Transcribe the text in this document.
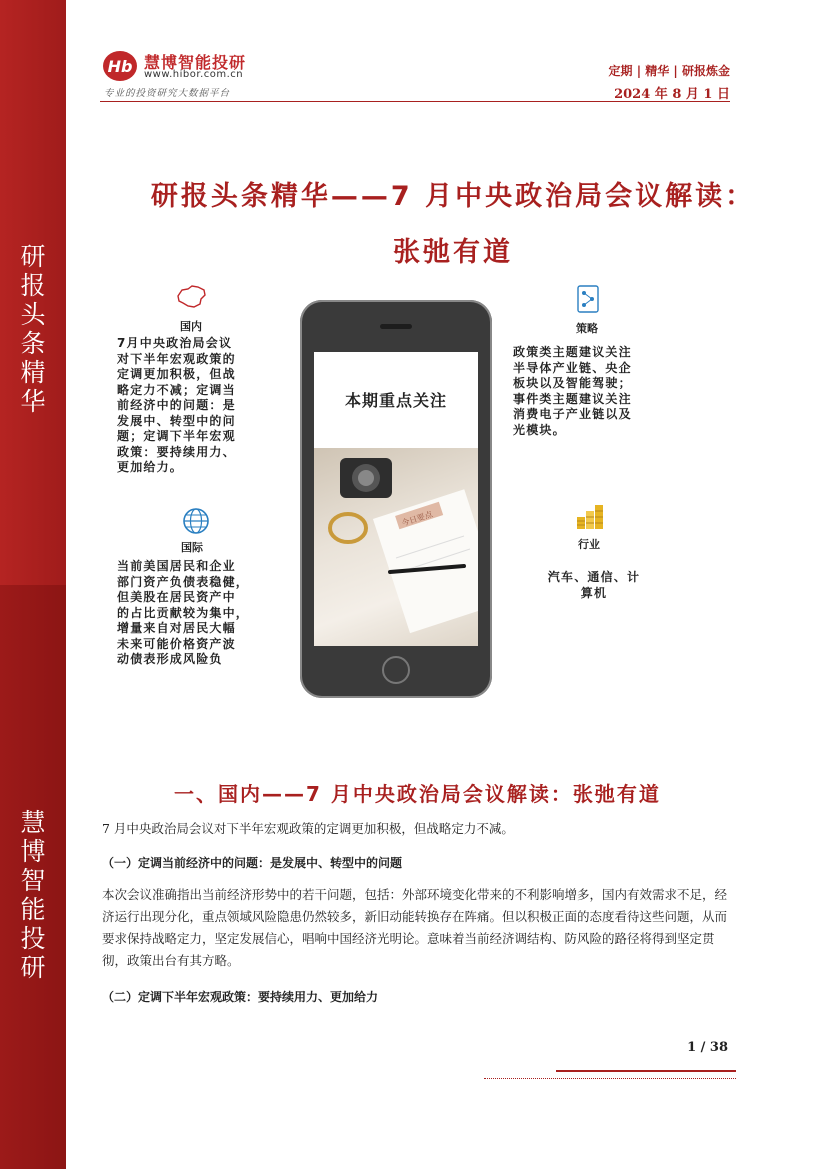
研
报
头
条
精
华
慧
博
智
能
投
研
Hb 慧博智能投研
www.hibor.com.cn
专业的投资研究大数据平台
定期 | 精华 | 研报炼金
2024 年 8 月 1 日
研报头条精华——7 月中央政治局会议解读：
张弛有道
国内
7月中央政治局会议
对下半年宏观政策的
定调更加积极，但战
略定力不减；定调当
前经济中的问题：是
发展中、转型中的问
题；定调下半年宏观
政策：要持续用力、
更加给力。
国际
当前美国居民和企业
部门资产负债表稳健，
但美股在居民资产中
的占比贡献较为集中，
增量来自对居民大幅
未来可能价格资产波
动债表形成风险负
本期重点关注
今日要点
策略
政策类主题建议关注
半导体产业链、央企
板块以及智能驾驶；
事件类主题建议关注
消费电子产业链以及
光模块。
行业
汽车、通信、计
算机
一、国内——7 月中央政治局会议解读：张弛有道
7 月中央政治局会议对下半年宏观政策的定调更加积极，但战略定力不减。
（一）定调当前经济中的问题：是发展中、转型中的问题
本次会议准确指出当前经济形势中的若干问题，包括：外部环境变化带来的不利影响增多，国内有效需求不足，经济运行出现分化，重点领域风险隐患仍然较多，新旧动能转换存在阵痛。但以积极正面的态度看待这些问题，从而要求保持战略定力，坚定发展信心，唱响中国经济光明论。意味着当前经济调结构、防风险的路径将得到坚定贯彻，政策出台有其方略。
（二）定调下半年宏观政策：要持续用力、更加给力
1 / 38
